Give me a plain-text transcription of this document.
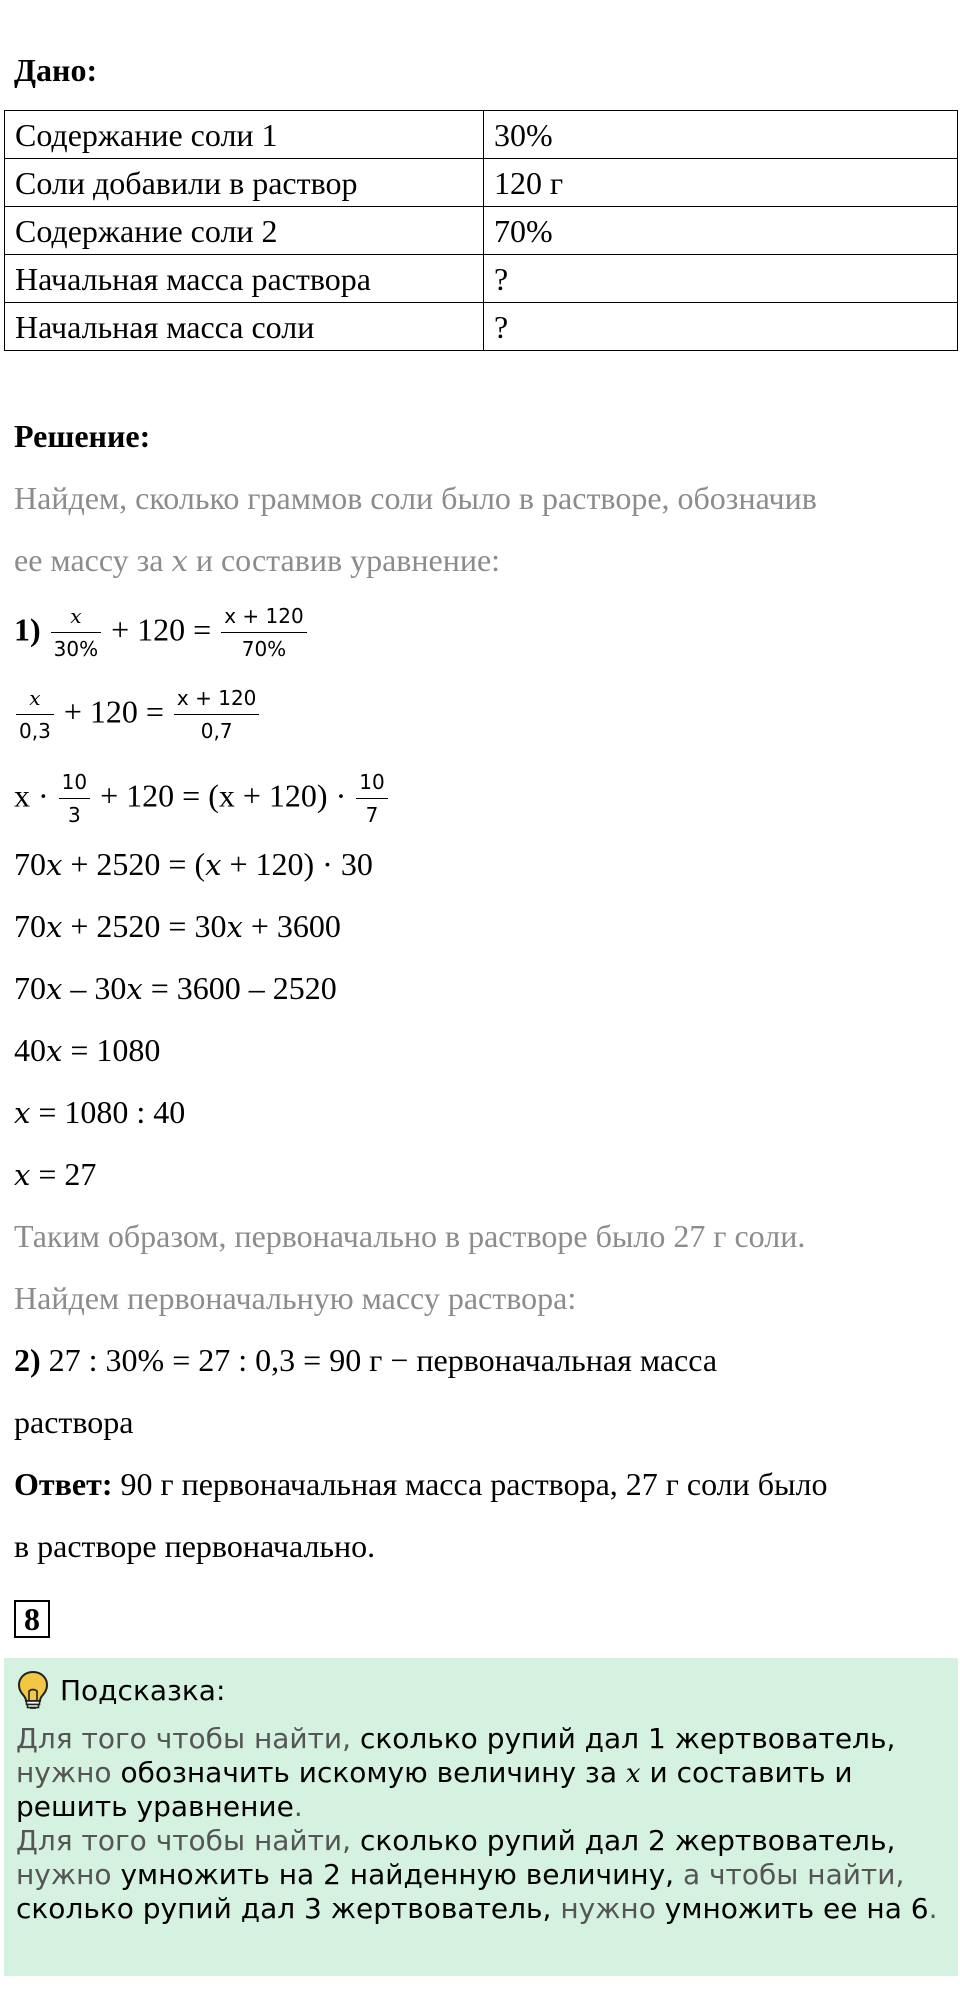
Дано:
Содержание соли 1	30%
Соли добавили в раствор	120 г
Содержание соли 2	70%
Начальная масса раствора	?
Начальная масса соли	?
Решение:
Найдем, сколько граммов соли было в растворе, обозначив
ее массу за x и составив уравнение:
$1) \frac{x}{30\%} + 120 = \frac{x + 120}{70\%}$
$\frac{x}{0,3} + 120 = \frac{x + 120}{0,7}$
$x \cdot \frac{10}{3} + 120 = (x + 120) \cdot \frac{10}{7}$
70x + 2520 = (x + 120) · 30
70x + 2520 = 30x + 3600
70x – 30x = 3600 – 2520
40x = 1080
x = 1080 : 40
x = 27
Таким образом, первоначально в растворе было 27 г соли.
Найдем первоначальную массу раствора:
2) 27 : 30% = 27 : 0,3 = 90 г − первоначальная масса
раствора
Ответ: 90 г первоначальная масса раствора, 27 г соли было
в растворе первоначально.
8
Подсказка:
Для того чтобы найти, сколько рупий дал 1 жертвователь,
нужно обозначить искомую величину за x и составить и
решить уравнение.
Для того чтобы найти, сколько рупий дал 2 жертвователь,
нужно умножить на 2 найденную величину, а чтобы найти,
сколько рупий дал 3 жертвователь, нужно умножить ее на 6.
